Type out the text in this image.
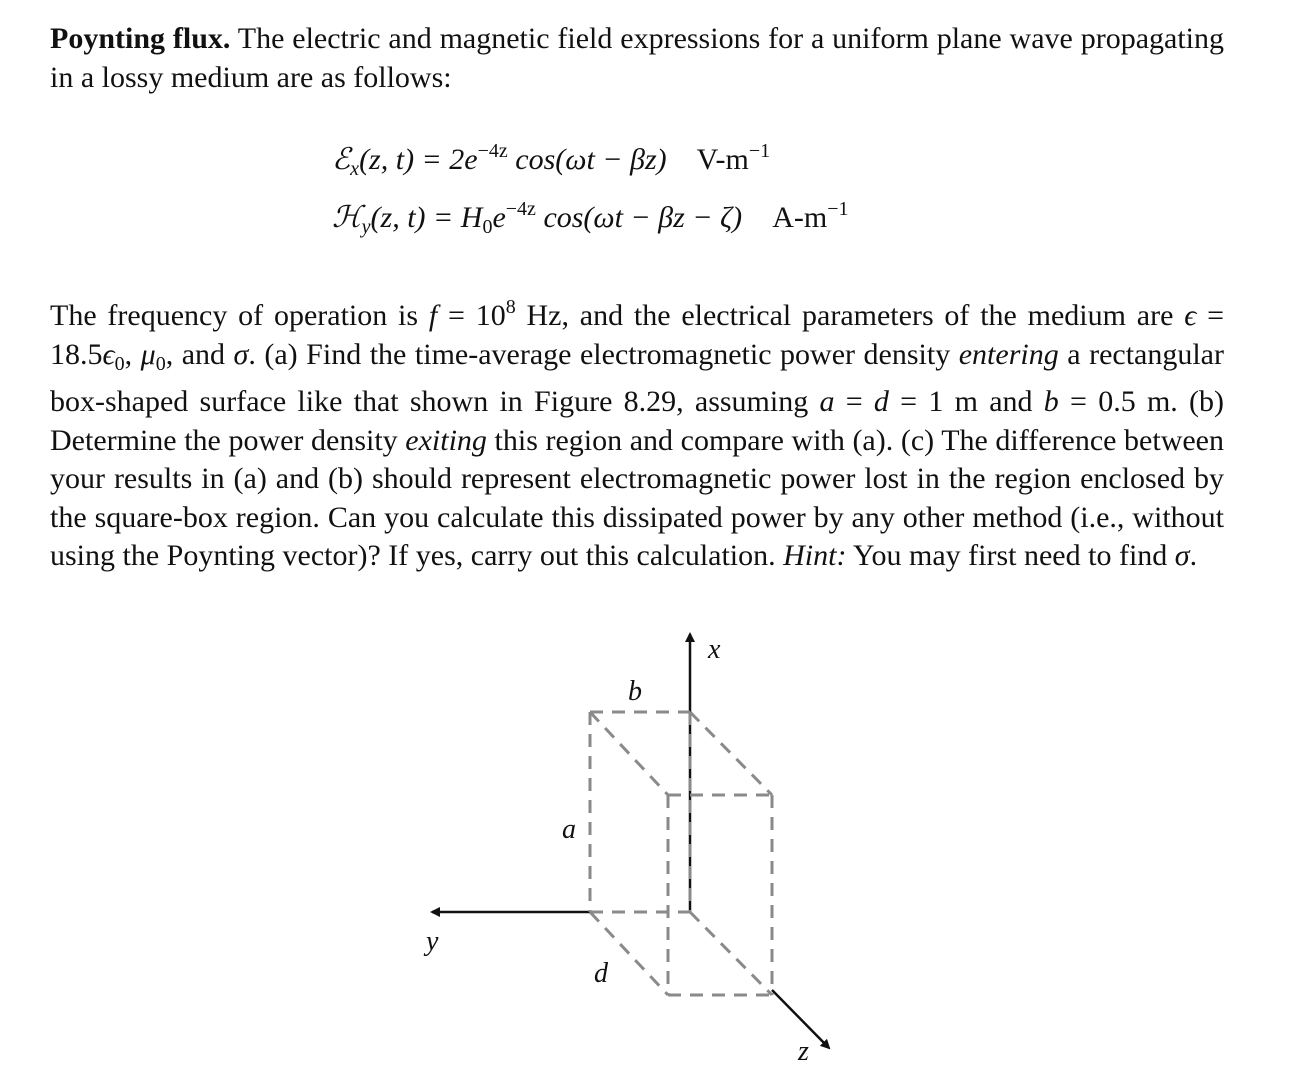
Poynting flux. The electric and magnetic field expressions for a uniform plane wave propagating in a lossy medium are as follows:
ℰ$_x$(z, $t) = 2e^{-4z}$ cos(ωt − βz) $V-m^{-1}$
ℋ$_y$(z, $t) = H_0e^{-4z}$ cos(ωt − βz − ζ) $A-m^{-1}$
The frequency of operation is $f = 10^8$ Hz, and the electrical parameters of the medium are $\epsilon = 18.5\epsilon_0$, $\mu_0$, and σ. (a) Find the time-average electromagnetic power density entering a rectangular box-shaped surface like that shown in Figure 8.29, assuming a = d = 1 m and b = 0.5 m. (b) Determine the power density exiting this region and compare with (a). (c) The difference between your results in (a) and (b) should represent electromagnetic power lost in the region enclosed by the square-box region. Can you calculate this dissipated power by any other method (i.e., without using the Poynting vector)? If yes, carry out this calculation. Hint: You may first need to find σ.
x
y
z
a
b
d
